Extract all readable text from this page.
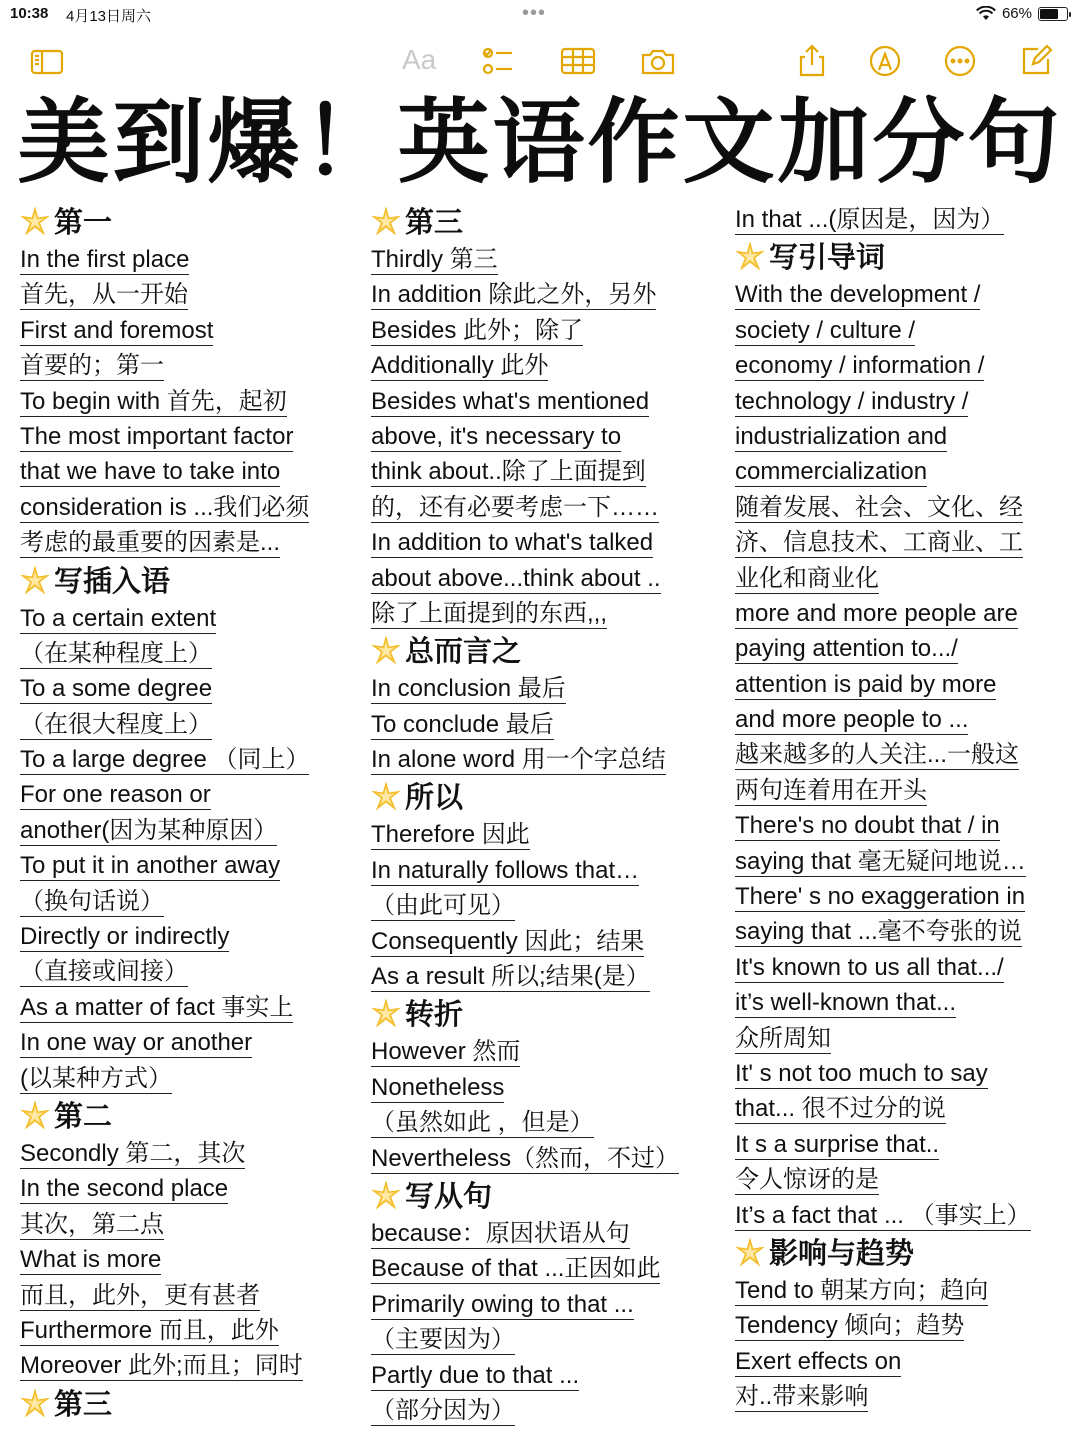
10:38 4月13日周六	•••	66%
Aa
美到爆！英语作文加分句
第一
In the first place
首先，从一开始
First and foremost
首要的；第一
To begin with 首先，起初
The most important factor
that we have to take into
consideration is ...我们必须
考虑的最重要的因素是...
写插入语
To a certain extent
（在某种程度上）
To a some degree
（在很大程度上）
To a large degree （同上）
For one reason or
another(因为某种原因）
To put it in another away
（换句话说）
Directly or indirectly
（直接或间接）
As a matter of fact 事实上
In one way or another
(以某种方式）
第二
Secondly 第二，其次
In the second place
其次，第二点
What is more
而且，此外，更有甚者
Furthermore 而且，此外
Moreover 此外;而且；同时
第三
第三
Thirdly 第三
In addition 除此之外，另外
Besides 此外；除了
Additionally 此外
Besides what's mentioned
above, it's necessary to
think about..除了上面提到
的，还有必要考虑一下……
In addition to what's talked
about above...think about ..
除了上面提到的东西,,,
总而言之
In conclusion 最后
To conclude 最后
In alone word 用一个字总结
所以
Therefore 因此
In naturally follows that…
（由此可见）
Consequently 因此；结果
As a result 所以;结果(是）
转折
However 然而
Nonetheless
（虽然如此 ，但是）
Nevertheless（然而，不过）
写从句
because：原因状语从句
Because of that ...正因如此
Primarily owing to that ...
（主要因为）
Partly due to that ...
（部分因为）
In that ...(原因是，因为）
写引导词
With the development /
society / culture /
economy / information /
technology / industry /
industrialization and
commercialization
随着发展、社会、文化、经
济、信息技术、工商业、工
业化和商业化
more and more people are
paying attention to.../
attention is paid by more
and more people to ...
越来越多的人关注...一般这
两句连着用在开头
There's no doubt that / in
saying that 毫无疑问地说…
There' s no exaggeration in
saying that ...毫不夸张的说
It's known to us all that.../
it’s well-known that...
众所周知
It' s not too much to say
that... 很不过分的说
It s a surprise that..
令人惊讶的是
It’s a fact that ... （事实上）
影响与趋势
Tend to 朝某方向；趋向
Tendency 倾向；趋势
Exert effects on
对..带来影响
